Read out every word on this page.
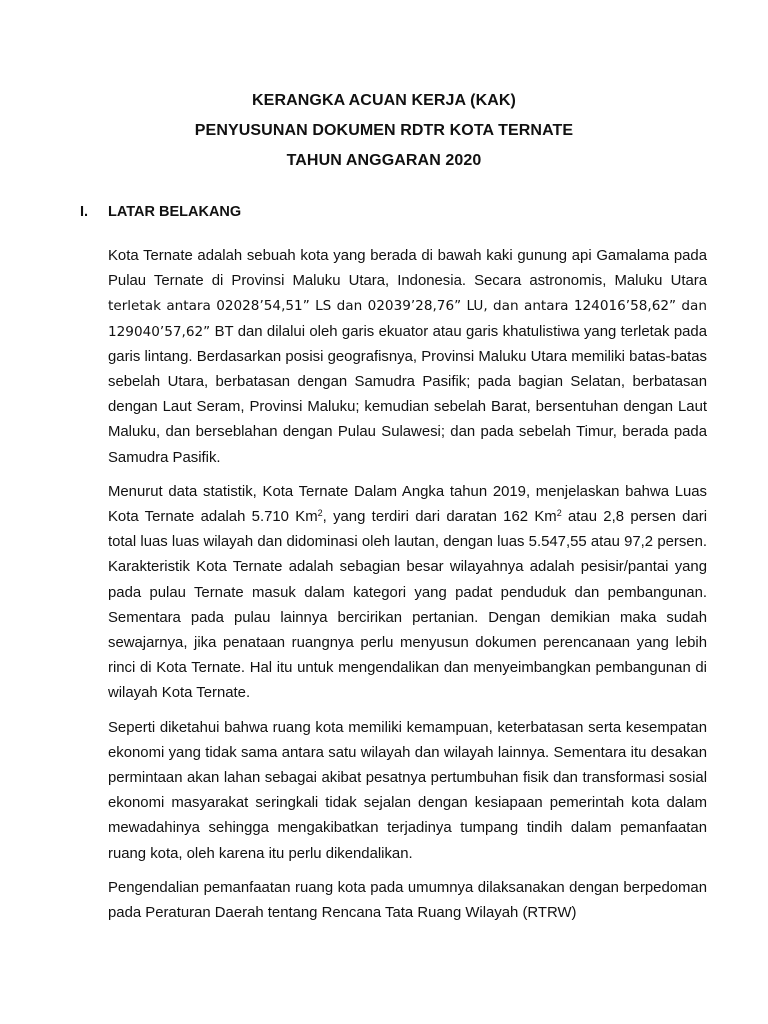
KERANGKA ACUAN KERJA (KAK)
PENYUSUNAN DOKUMEN RDTR KOTA TERNATE
TAHUN ANGGARAN 2020
I. LATAR BELAKANG

Kota Ternate adalah sebuah kota yang berada di bawah kaki gunung api Gamalama pada Pulau Ternate di Provinsi Maluku Utara, Indonesia. Secara astronomis, Maluku Utara terletak antara 02028’54,51” LS dan 02039’28,76” LU, dan antara 124016’58,62” dan 129040’57,62” BT dan dilalui oleh garis ekuator atau garis khatulistiwa yang terletak pada garis lintang. Berdasarkan posisi geografisnya, Provinsi Maluku Utara memiliki batas-batas sebelah Utara, berbatasan dengan Samudra Pasifik; pada bagian Selatan, berbatasan dengan Laut Seram, Provinsi Maluku; kemudian sebelah Barat, bersentuhan dengan Laut Maluku, dan berseblahan dengan Pulau Sulawesi; dan pada sebelah Timur, berada pada Samudra Pasifik.

Menurut data statistik, Kota Ternate Dalam Angka tahun 2019, menjelaskan bahwa Luas Kota Ternate adalah 5.710 Km$^2$, yang terdiri dari daratan 162 Km$^2$ atau 2,8 persen dari total luas luas wilayah dan didominasi oleh lautan, dengan luas 5.547,55 atau 97,2 persen. Karakteristik Kota Ternate adalah sebagian besar wilayahnya adalah pesisir/pantai yang pada pulau Ternate masuk dalam kategori yang padat penduduk dan pembangunan. Sementara pada pulau lainnya bercirikan pertanian. Dengan demikian maka sudah sewajarnya, jika penataan ruangnya perlu menyusun dokumen perencanaan yang lebih rinci di Kota Ternate. Hal itu untuk mengendalikan dan menyeimbangkan pembangunan di wilayah Kota Ternate.

Seperti diketahui bahwa ruang kota memiliki kemampuan, keterbatasan serta kesempatan ekonomi yang tidak sama antara satu wilayah dan wilayah lainnya. Sementara itu desakan permintaan akan lahan sebagai akibat pesatnya pertumbuhan fisik dan transformasi sosial ekonomi masyarakat seringkali tidak sejalan dengan kesiapaan pemerintah kota dalam mewadahinya sehingga mengakibatkan terjadinya tumpang tindih dalam pemanfaatan ruang kota, oleh karena itu perlu dikendalikan.

Pengendalian pemanfaatan ruang kota pada umumnya dilaksanakan dengan berpedoman pada Peraturan Daerah tentang Rencana Tata Ruang Wilayah (RTRW)
